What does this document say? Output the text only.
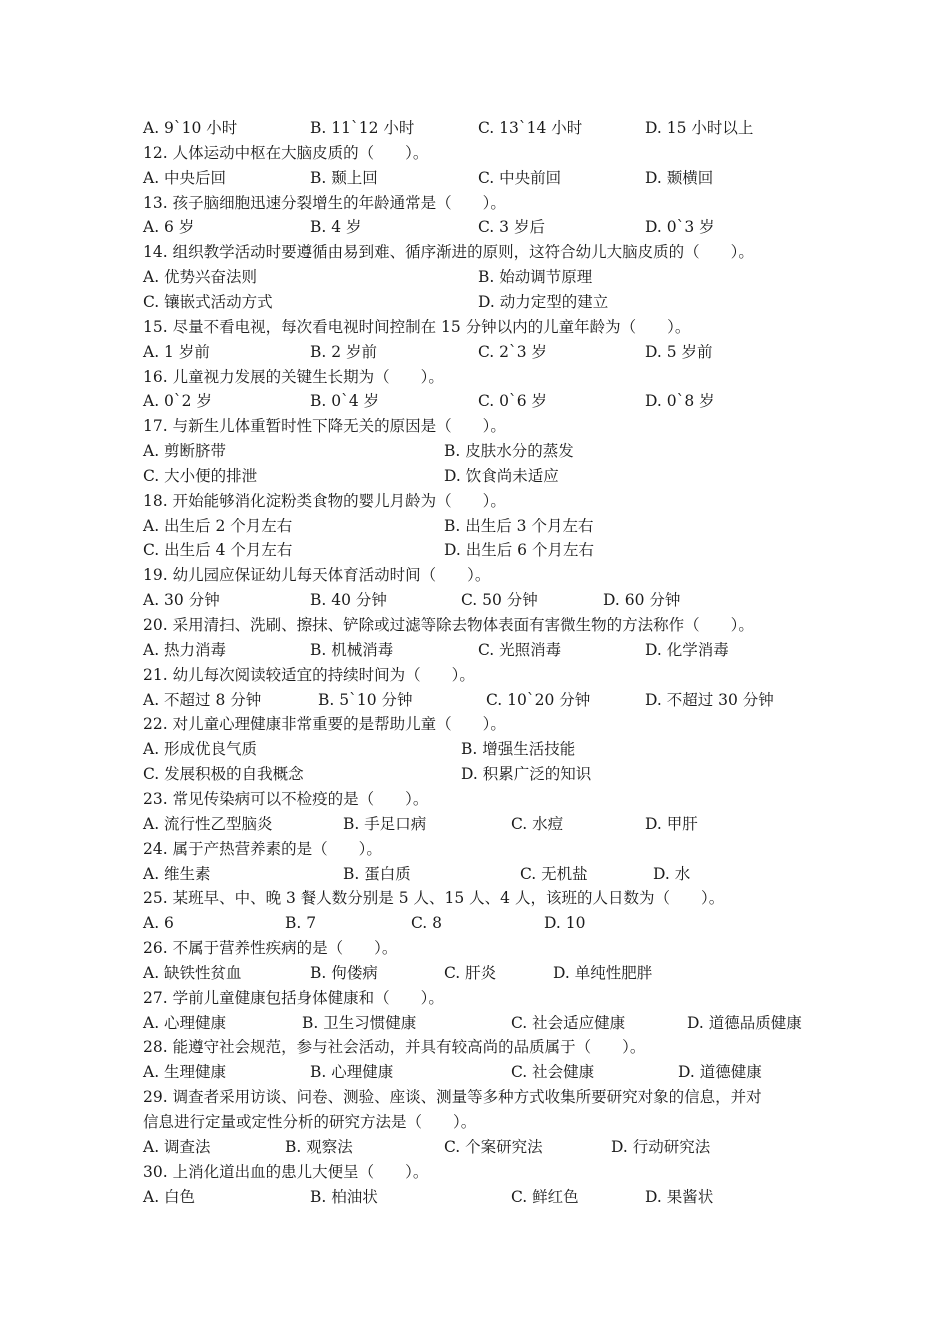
A. 9`10 小时	B. 11`12 小时	C. 13`14 小时	D. 15 小时以上
12. 人体运动中枢在大脑皮质的（　　）。
A. 中央后回	B. 颞上回	C. 中央前回	D. 颞横回
13. 孩子脑细胞迅速分裂增生的年龄通常是（　　）。
A. 6 岁	B. 4 岁	C. 3 岁后	D. 0`3 岁
14. 组织教学活动时要遵循由易到难、循序渐进的原则，这符合幼儿大脑皮质的（　　）。
A. 优势兴奋法则	B. 始动调节原理
C. 镶嵌式活动方式	D. 动力定型的建立
15. 尽量不看电视，每次看电视时间控制在 15 分钟以内的儿童年龄为（　　）。
A. 1 岁前	B. 2 岁前	C. 2`3 岁	D. 5 岁前
16. 儿童视力发展的关键生长期为（　　）。
A. 0`2 岁	B. 0`4 岁	C. 0`6 岁	D. 0`8 岁
17. 与新生儿体重暂时性下降无关的原因是（　　）。
A. 剪断脐带	B. 皮肤水分的蒸发
C. 大小便的排泄	D. 饮食尚未适应
18. 开始能够消化淀粉类食物的婴儿月龄为（　　）。
A. 出生后 2 个月左右	B. 出生后 3 个月左右
C. 出生后 4 个月左右	D. 出生后 6 个月左右
19. 幼儿园应保证幼儿每天体育活动时间（　　）。
A. 30 分钟	B. 40 分钟	C. 50 分钟	D. 60 分钟
20. 采用清扫、洗刷、擦抹、铲除或过滤等除去物体表面有害微生物的方法称作（　　）。
A. 热力消毒	B. 机械消毒	C. 光照消毒	D. 化学消毒
21. 幼儿每次阅读较适宜的持续时间为（　　）。
A. 不超过 8 分钟	B. 5`10 分钟	C. 10`20 分钟	D. 不超过 30 分钟
22. 对儿童心理健康非常重要的是帮助儿童（　　）。
A. 形成优良气质	B. 增强生活技能
C. 发展积极的自我概念	D. 积累广泛的知识
23. 常见传染病可以不检疫的是（　　）。
A. 流行性乙型脑炎	B. 手足口病	C. 水痘	D. 甲肝
24. 属于产热营养素的是（　　）。
A. 维生素	B. 蛋白质	C. 无机盐	D. 水
25. 某班早、中、晚 3 餐人数分别是 5 人、15 人、4 人，该班的人日数为（　　）。
A. 6	B. 7	C. 8	D. 10
26. 不属于营养性疾病的是（　　）。
A. 缺铁性贫血	B. 佝偻病	C. 肝炎	D. 单纯性肥胖
27. 学前儿童健康包括身体健康和（　　）。
A. 心理健康	B. 卫生习惯健康	C. 社会适应健康	D. 道德品质健康
28. 能遵守社会规范，参与社会活动，并具有较高尚的品质属于（　　）。
A. 生理健康	B. 心理健康	C. 社会健康	D. 道德健康
29. 调查者采用访谈、问卷、测验、座谈、测量等多种方式收集所要研究对象的信息，并对
信息进行定量或定性分析的研究方法是（　　）。
A. 调查法	B. 观察法	C. 个案研究法	D. 行动研究法
30. 上消化道出血的患儿大便呈（　　）。
A. 白色	B. 柏油状	C. 鲜红色	D. 果酱状
